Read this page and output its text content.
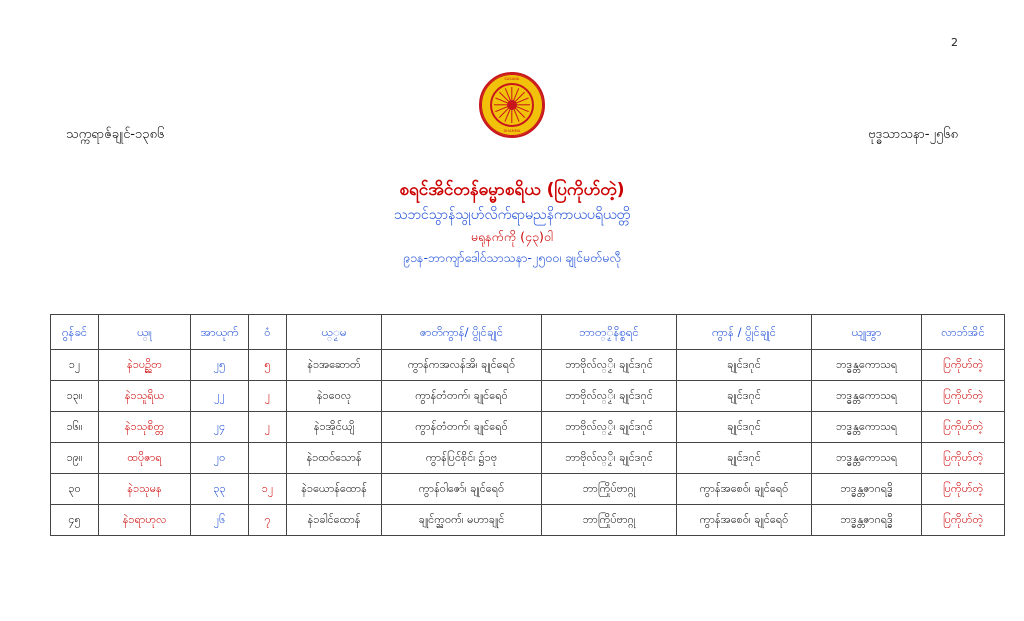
2
SASANA
DHAMMA
သက္ကရာဇ်ချုင်-၁၃၈၆	ဗုဒ္ဓသာသနာ-၂၅၆၈
စရင်အိင်တန်ဓမ္မာစရိယ (ပြကိုဟ်တဲ့)
သဘင်သွာန်သွုဟ်လိက်ရာမညနိကာယပရိယတ္တိ
မရုနက်ကို (၄၃)ဝါ
၉၁န-ဘာကျာ်ဒေါဝ်သာသနာ-၂၅၀၀၊ ချုင်မတ်မလီု
ဂွန်ခင်	ယ္၊ု	အာယုက်	ဝံ	ယ္ၟမ	ဇာတိကွာန်/ ပွိုင်ချုင်	ဘာတ္ၟိနိစ္စရင်	ကွာန် / ပွိုင်ချုင်	ယျုအွာ	လာဘ်အိင်
၁၂	နဲ၁ပဉ္ညိတ	၂၅	၅	နဲ၁အဆောတ်	ကွာန်ကအလန်အိ၊ ချုင်ရေဝ်	ဘာဗိုလ်လ္ၟိ၊ ချုင်ဒဂုင်	ချုင်ဒဂုင်	ဘဒ္ဓန္တကောသရ	ပြကိုဟ်တဲ့
၁၃၊၊	နဲ၁သူရိယ	၂၂	၂	နဲ၁ဝေလု	ကွာန်တံတက်၊ ချုင်ရေဝ်	ဘာဗိုလ်လ္ၟိ၊ ချုင်ဒဂုင်	ချုင်ဒဂုင်	ဘဒ္ဓန္တကောသရ	ပြကိုဟ်တဲ့
၁၆၊၊	နဲ၁သုစိတ္တ	၂၄	၂	နဲ၁အိုင်ယျိ	ကွာန်တံတက်၊ ချုင်ရေဝ်	ဘာဗိုလ်လ္ၟိ၊ ချုင်ဒဂုင်	ချုင်ဒဂုင်	ဘဒ္ဓန္တကောသရ	ပြကိုဟ်တဲ့
၁၉၊၊	ထပိုဇာရ	၂၀		နဲ၁ထဝ်သောန်	ကွာန်ပြင်စိုင်၊ ၌၁ဗု	ဘာဗိုလ်လ္ၟိ၊ ချုင်ဒဂုင်	ချုင်ဒဂုင်	ဘဒ္ဓန္တကောသရ	ပြကိုဟ်တဲ့
၃၀	နဲ၁သုမန	၃၃	၁၂	နဲ၁ယောန်ထောန်	ကွာန်ဝါဇော်၊ ချုင်ရေဝ်	ဘာကြိုပ်ဗာဂ္ဂု	ကွာန်အစေဝ်၊ ချုင်ရေဝ်	ဘဒ္ဓန္တဇာဂရဒ္ဓိ	ပြကိုဟ်တဲ့
၄၅	နဲ၁ရာဟုလ	၂၆	၇	နဲ၁ခါင်ထောန်	ချုင်က္ညဝက်၊ မဟာချုင်	ဘာကြိုပ်ဗာဂ္ဂု	ကွာန်အစေဝ်၊ ချုင်ရေဝ်	ဘဒ္ဓန္တဇာဂရဒ္ဓိ	ပြကိုဟ်တဲ့
